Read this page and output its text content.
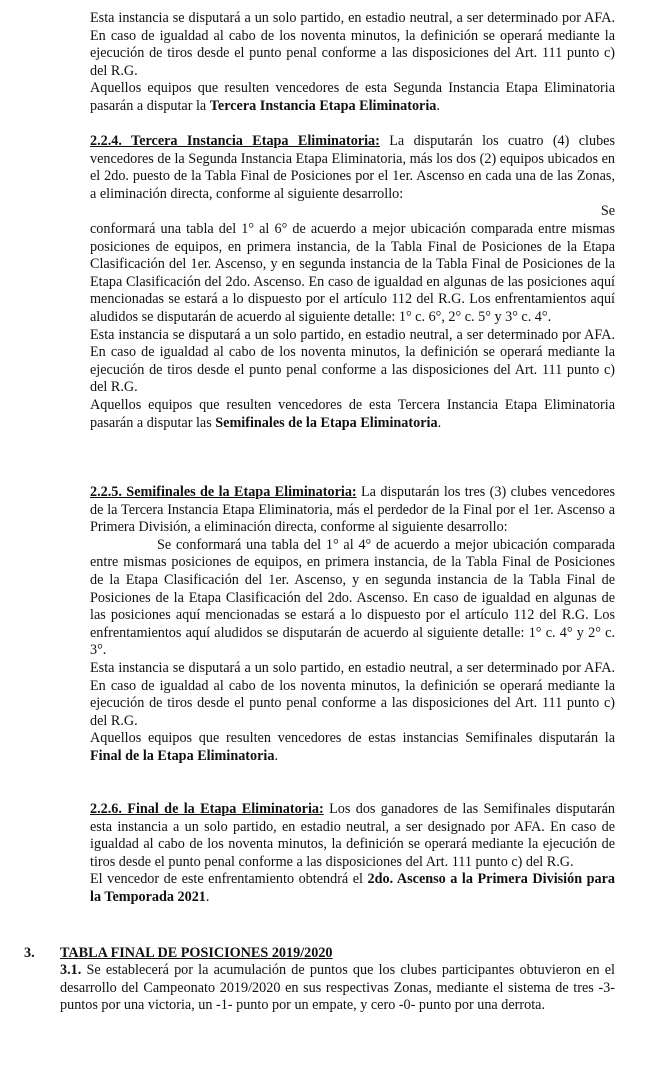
Esta instancia se disputará a un solo partido, en estadio neutral, a ser determinado por AFA. En caso de igualdad al cabo de los noventa minutos, la definición se operará mediante la ejecución de tiros desde el punto penal conforme a las disposiciones del Art. 111 punto c) del R.G.

Aquellos equipos que resulten vencedores de esta Segunda Instancia Etapa Eliminatoria pasarán a disputar la Tercera Instancia Etapa Eliminatoria.

2.2.4. Tercera Instancia Etapa Eliminatoria: La disputarán los cuatro (4) clubes vencedores de la Segunda Instancia Etapa Eliminatoria, más los dos (2) equipos ubicados en el 2do. puesto de la Tabla Final de Posiciones por el 1er. Ascenso en cada una de las Zonas, a eliminación directa, conforme al siguiente desarrollo:

Se

conformará una tabla del 1° al 6° de acuerdo a mejor ubicación comparada entre mismas posiciones de equipos, en primera instancia, de la Tabla Final de Posiciones de la Etapa Clasificación del 1er. Ascenso, y en segunda instancia de la Tabla Final de Posiciones de la Etapa Clasificación del 2do. Ascenso. En caso de igualdad en algunas de las posiciones aquí mencionadas se estará a lo dispuesto por el artículo 112 del R.G. Los enfrentamientos aquí aludidos se disputarán de acuerdo al siguiente detalle: 1° c. 6°, 2° c. 5° y 3° c. 4°.

Esta instancia se disputará a un solo partido, en estadio neutral, a ser determinado por AFA. En caso de igualdad al cabo de los noventa minutos, la definición se operará mediante la ejecución de tiros desde el punto penal conforme a las disposiciones del Art. 111 punto c) del R.G.

Aquellos equipos que resulten vencedores de esta Tercera Instancia Etapa Eliminatoria pasarán a disputar las Semifinales de la Etapa Eliminatoria.

2.2.5. Semifinales de la Etapa Eliminatoria: La disputarán los tres (3) clubes vencedores de la Tercera Instancia Etapa Eliminatoria, más el perdedor de la Final por el 1er. Ascenso a Primera División, a eliminación directa, conforme al siguiente desarrollo:

Se conformará una tabla del 1° al 4° de acuerdo a mejor ubicación comparada entre mismas posiciones de equipos, en primera instancia, de la Tabla Final de Posiciones de la Etapa Clasificación del 1er. Ascenso, y en segunda instancia de la Tabla Final de Posiciones de la Etapa Clasificación del 2do. Ascenso. En caso de igualdad en algunas de las posiciones aquí mencionadas se estará a lo dispuesto por el artículo 112 del R.G. Los enfrentamientos aquí aludidos se disputarán de acuerdo al siguiente detalle: 1° c. 4° y 2° c. 3°.

Esta instancia se disputará a un solo partido, en estadio neutral, a ser determinado por AFA. En caso de igualdad al cabo de los noventa minutos, la definición se operará mediante la ejecución de tiros desde el punto penal conforme a las disposiciones del Art. 111 punto c) del R.G.

Aquellos equipos que resulten vencedores de estas instancias Semifinales disputarán la Final de la Etapa Eliminatoria.

2.2.6. Final de la Etapa Eliminatoria: Los dos ganadores de las Semifinales disputarán esta instancia a un solo partido, en estadio neutral, a ser designado por AFA. En caso de igualdad al cabo de los noventa minutos, la definición se operará mediante la ejecución de tiros desde el punto penal conforme a las disposiciones del Art. 111 punto c) del R.G.

El vencedor de este enfrentamiento obtendrá el 2do. Ascenso a la Primera División para la Temporada 2021.

3. TABLA FINAL DE POSICIONES 2019/2020

3.1. Se establecerá por la acumulación de puntos que los clubes participantes obtuvieron en el desarrollo del Campeonato 2019/2020 en sus respectivas Zonas, mediante el sistema de tres -3- puntos por una victoria, un -1- punto por un empate, y cero -0- punto por una derrota.
